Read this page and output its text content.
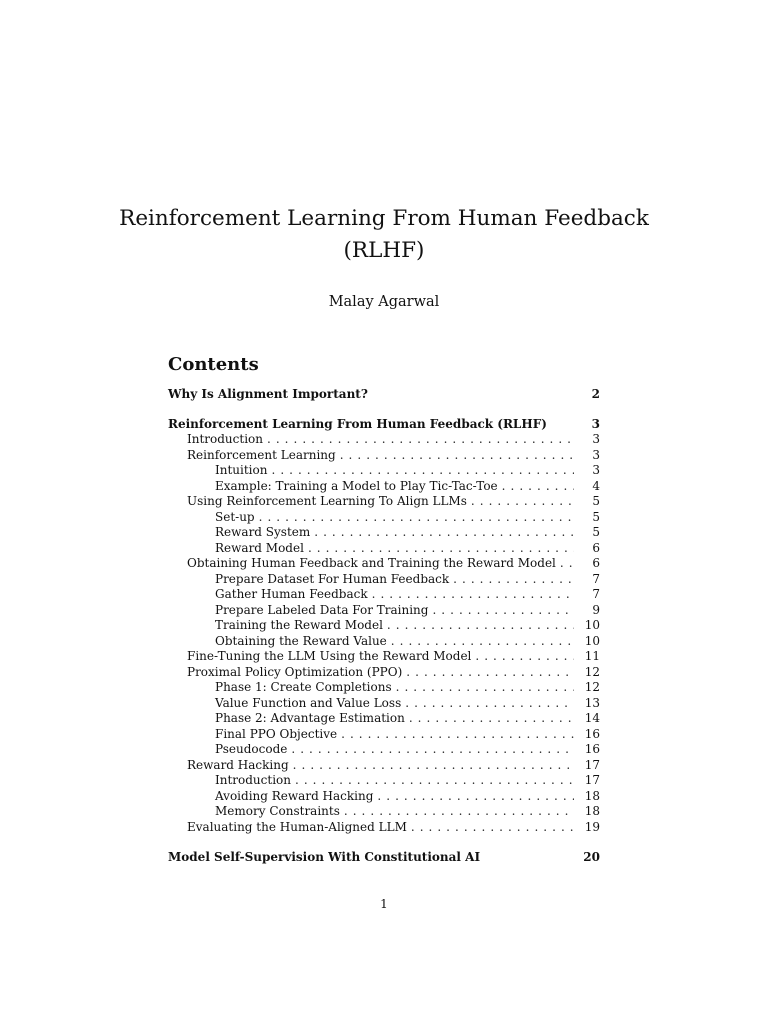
Reinforcement Learning From Human Feedback
(RLHF)
Malay Agarwal
Contents
Why Is Alignment Important?	2
Reinforcement Learning From Human Feedback (RLHF)	3
Introduction . . .	3
Reinforcement Learning . . .	3
Intuition . . .	3
Example: Training a Model to Play Tic-Tac-Toe . . .	4
Using Reinforcement Learning To Align LLMs . . .	5
Set-up . . .	5
Reward System . . .	5
Reward Model . . .	6
Obtaining Human Feedback and Training the Reward Model . . .	6
Prepare Dataset For Human Feedback . . .	7
Gather Human Feedback . . .	7
Prepare Labeled Data For Training . . .	9
Training the Reward Model . . .	10
Obtaining the Reward Value . . .	10
Fine-Tuning the LLM Using the Reward Model . . .	11
Proximal Policy Optimization (PPO) . . .	12
Phase 1: Create Completions . . .	12
Value Function and Value Loss . . .	13
Phase 2: Advantage Estimation . . .	14
Final PPO Objective . . .	16
Pseudocode . . .	16
Reward Hacking . . .	17
Introduction . . .	17
Avoiding Reward Hacking . . .	18
Memory Constraints . . .	18
Evaluating the Human-Aligned LLM . . .	19
Model Self-Supervision With Constitutional AI	20
1
